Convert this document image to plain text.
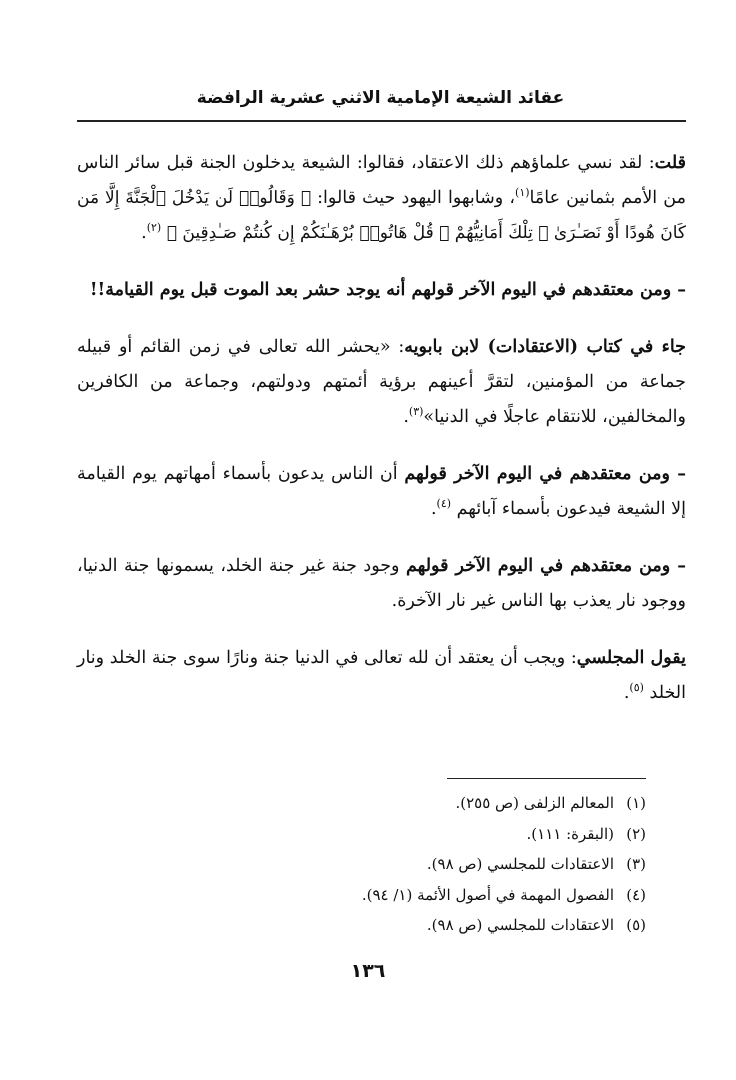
عقائد الشيعة الإمامية الاثني عشرية الرافضة

قلت: لقد نسي علماؤهم ذلك الاعتقاد، فقالوا: الشيعة يدخلون الجنة قبل سائر الناس من الأمم بثمانين عامًا$^{(١)}$، وشابهوا اليهود حيث قالوا: ﴿ وَقَالُوا۟ لَن يَدْخُلَ ٱلْجَنَّةَ إِلَّا مَن كَانَ هُودًا أَوْ نَصَـٰرَىٰ ۗ تِلْكَ أَمَانِيُّهُمْ ۗ قُلْ هَاتُوا۟ بُرْهَـٰنَكُمْ إِن كُنتُمْ صَـٰدِقِينَ ﴾ $^{(٢)}$.

– ومن معتقدهم في اليوم الآخر قولهم أنه يوجد حشر بعد الموت قبل يوم القيامة!!

جاء في كتاب (الاعتقادات) لابن بابويه: «يحشر الله تعالى في زمن القائم أو قبيله جماعة من المؤمنين، لتقرَّ أعينهم برؤية أئمتهم ودولتهم، وجماعة من الكافرين والمخالفين، للانتقام عاجلًا في الدنيا»$^{(٣)}$.

– ومن معتقدهم في اليوم الآخر قولهم أن الناس يدعون بأسماء أمهاتهم يوم القيامة إلا الشيعة فيدعون بأسماء آبائهم $^{(٤)}$.

– ومن معتقدهم في اليوم الآخر قولهم وجود جنة غير جنة الخلد، يسمونها جنة الدنيا، ووجود نار يعذب بها الناس غير نار الآخرة.

يقول المجلسي: ويجب أن يعتقد أن لله تعالى في الدنيا جنة ونارًا سوى جنة الخلد ونار الخلد $^{(٥)}$.

(١)المعالم الزلفى (ص ٢٥٥).
(٢)(البقرة: ١١١).
(٣)الاعتقادات للمجلسي (ص ٩٨).
(٤)الفصول المهمة في أصول الأئمة (١/ ٩٤).
(٥)الاعتقادات للمجلسي (ص ٩٨).
١٣٦
